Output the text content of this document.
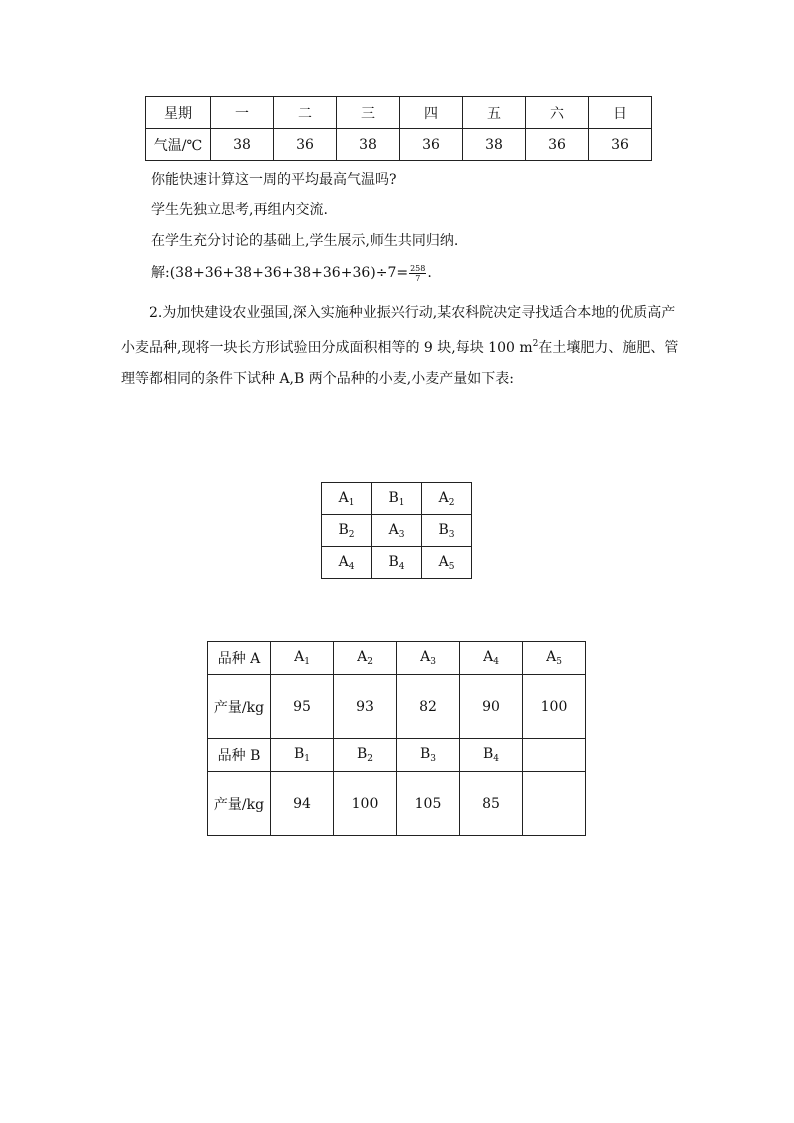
星期	一	二	三	四	五	六	日
气温/℃	38	36	38	36	38	36	36
你能快速计算这一周的平均最高气温吗?
学生先独立思考,再组内交流.
在学生充分讨论的基础上,学生展示,师生共同归纳.
解:(38+36+38+36+38+36+36)÷7= $\frac{258}{7}$ .
2.为加快建设农业强国,深入实施种业振兴行动,某农科院决定寻找适合本地的优质高产小麦品种,现将一块长方形试验田分成面积相等的 9 块,每块 100 $m^2$在土壤肥力、施肥、管理等都相同的条件下试种 A,B 两个品种的小麦,小麦产量如下表:
$A_1$	$B_1$	$A_2$
$B_2$	$A_3$	$B_3$
$A_4$	$B_4$	$A_5$
品种 A	$A_1$	$A_2$	$A_3$	$A_4$	$A_5$
产量/kg	95	93	82	90	100
品种 B	$B_1$	$B_2$	$B_3$	$B_4$	
产量/kg	94	100	105	85	
